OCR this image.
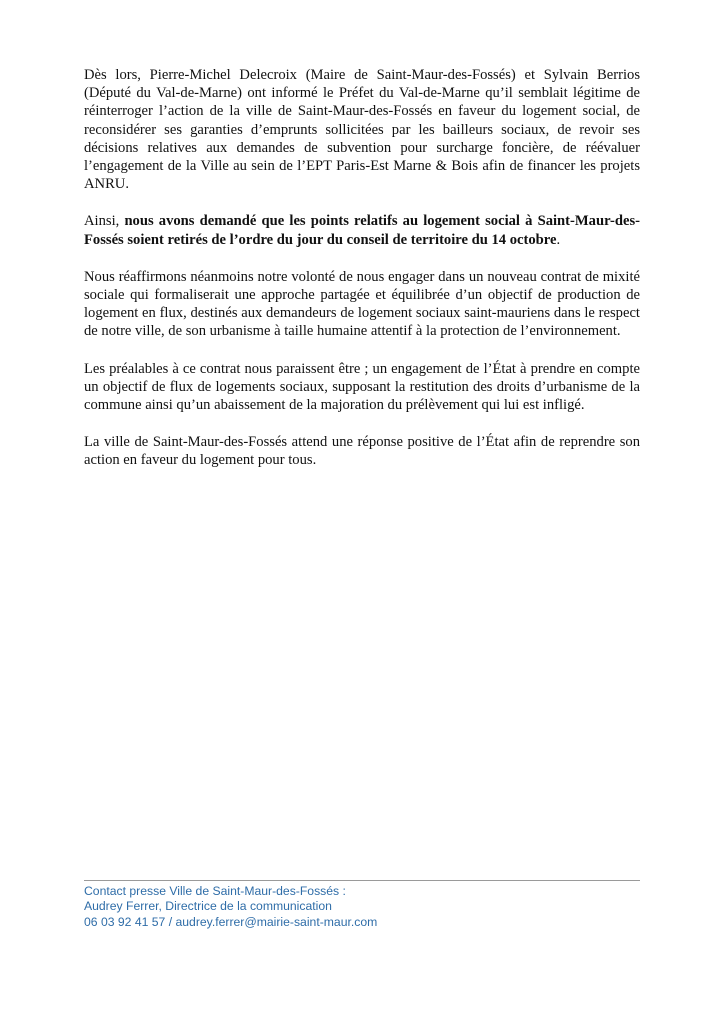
Dès lors, Pierre-Michel Delecroix (Maire de Saint-Maur-des-Fossés) et Sylvain Berrios (Député du Val-de-Marne) ont informé le Préfet du Val-de-Marne qu’il semblait légitime de réinterroger l’action de la ville de Saint-Maur-des-Fossés en faveur du logement social, de reconsidérer ses garanties d’emprunts sollicitées par les bailleurs sociaux, de revoir ses décisions relatives aux demandes de subvention pour surcharge foncière, de réévaluer l’engagement de la Ville au sein de l’EPT Paris-Est Marne & Bois afin de financer les projets ANRU.

Ainsi, nous avons demandé que les points relatifs au logement social à Saint-Maur-des-Fossés soient retirés de l’ordre du jour du conseil de territoire du 14 octobre.

Nous réaffirmons néanmoins notre volonté de nous engager dans un nouveau contrat de mixité sociale qui formaliserait une approche partagée et équilibrée d’un objectif de production de logement en flux, destinés aux demandeurs de logement sociaux saint-mauriens dans le respect de notre ville, de son urbanisme à taille humaine attentif à la protection de l’environnement.

Les préalables à ce contrat nous paraissent être ; un engagement de l’État à prendre en compte un objectif de flux de logements sociaux, supposant la restitution des droits d’urbanisme de la commune ainsi qu’un abaissement de la majoration du prélèvement qui lui est infligé.

La ville de Saint-Maur-des-Fossés attend une réponse positive de l’État afin de reprendre son action en faveur du logement pour tous.

Contact presse Ville de Saint-Maur-des-Fossés :
Audrey Ferrer, Directrice de la communication
06 03 92 41 57 / audrey.ferrer@mairie-saint-maur.com
